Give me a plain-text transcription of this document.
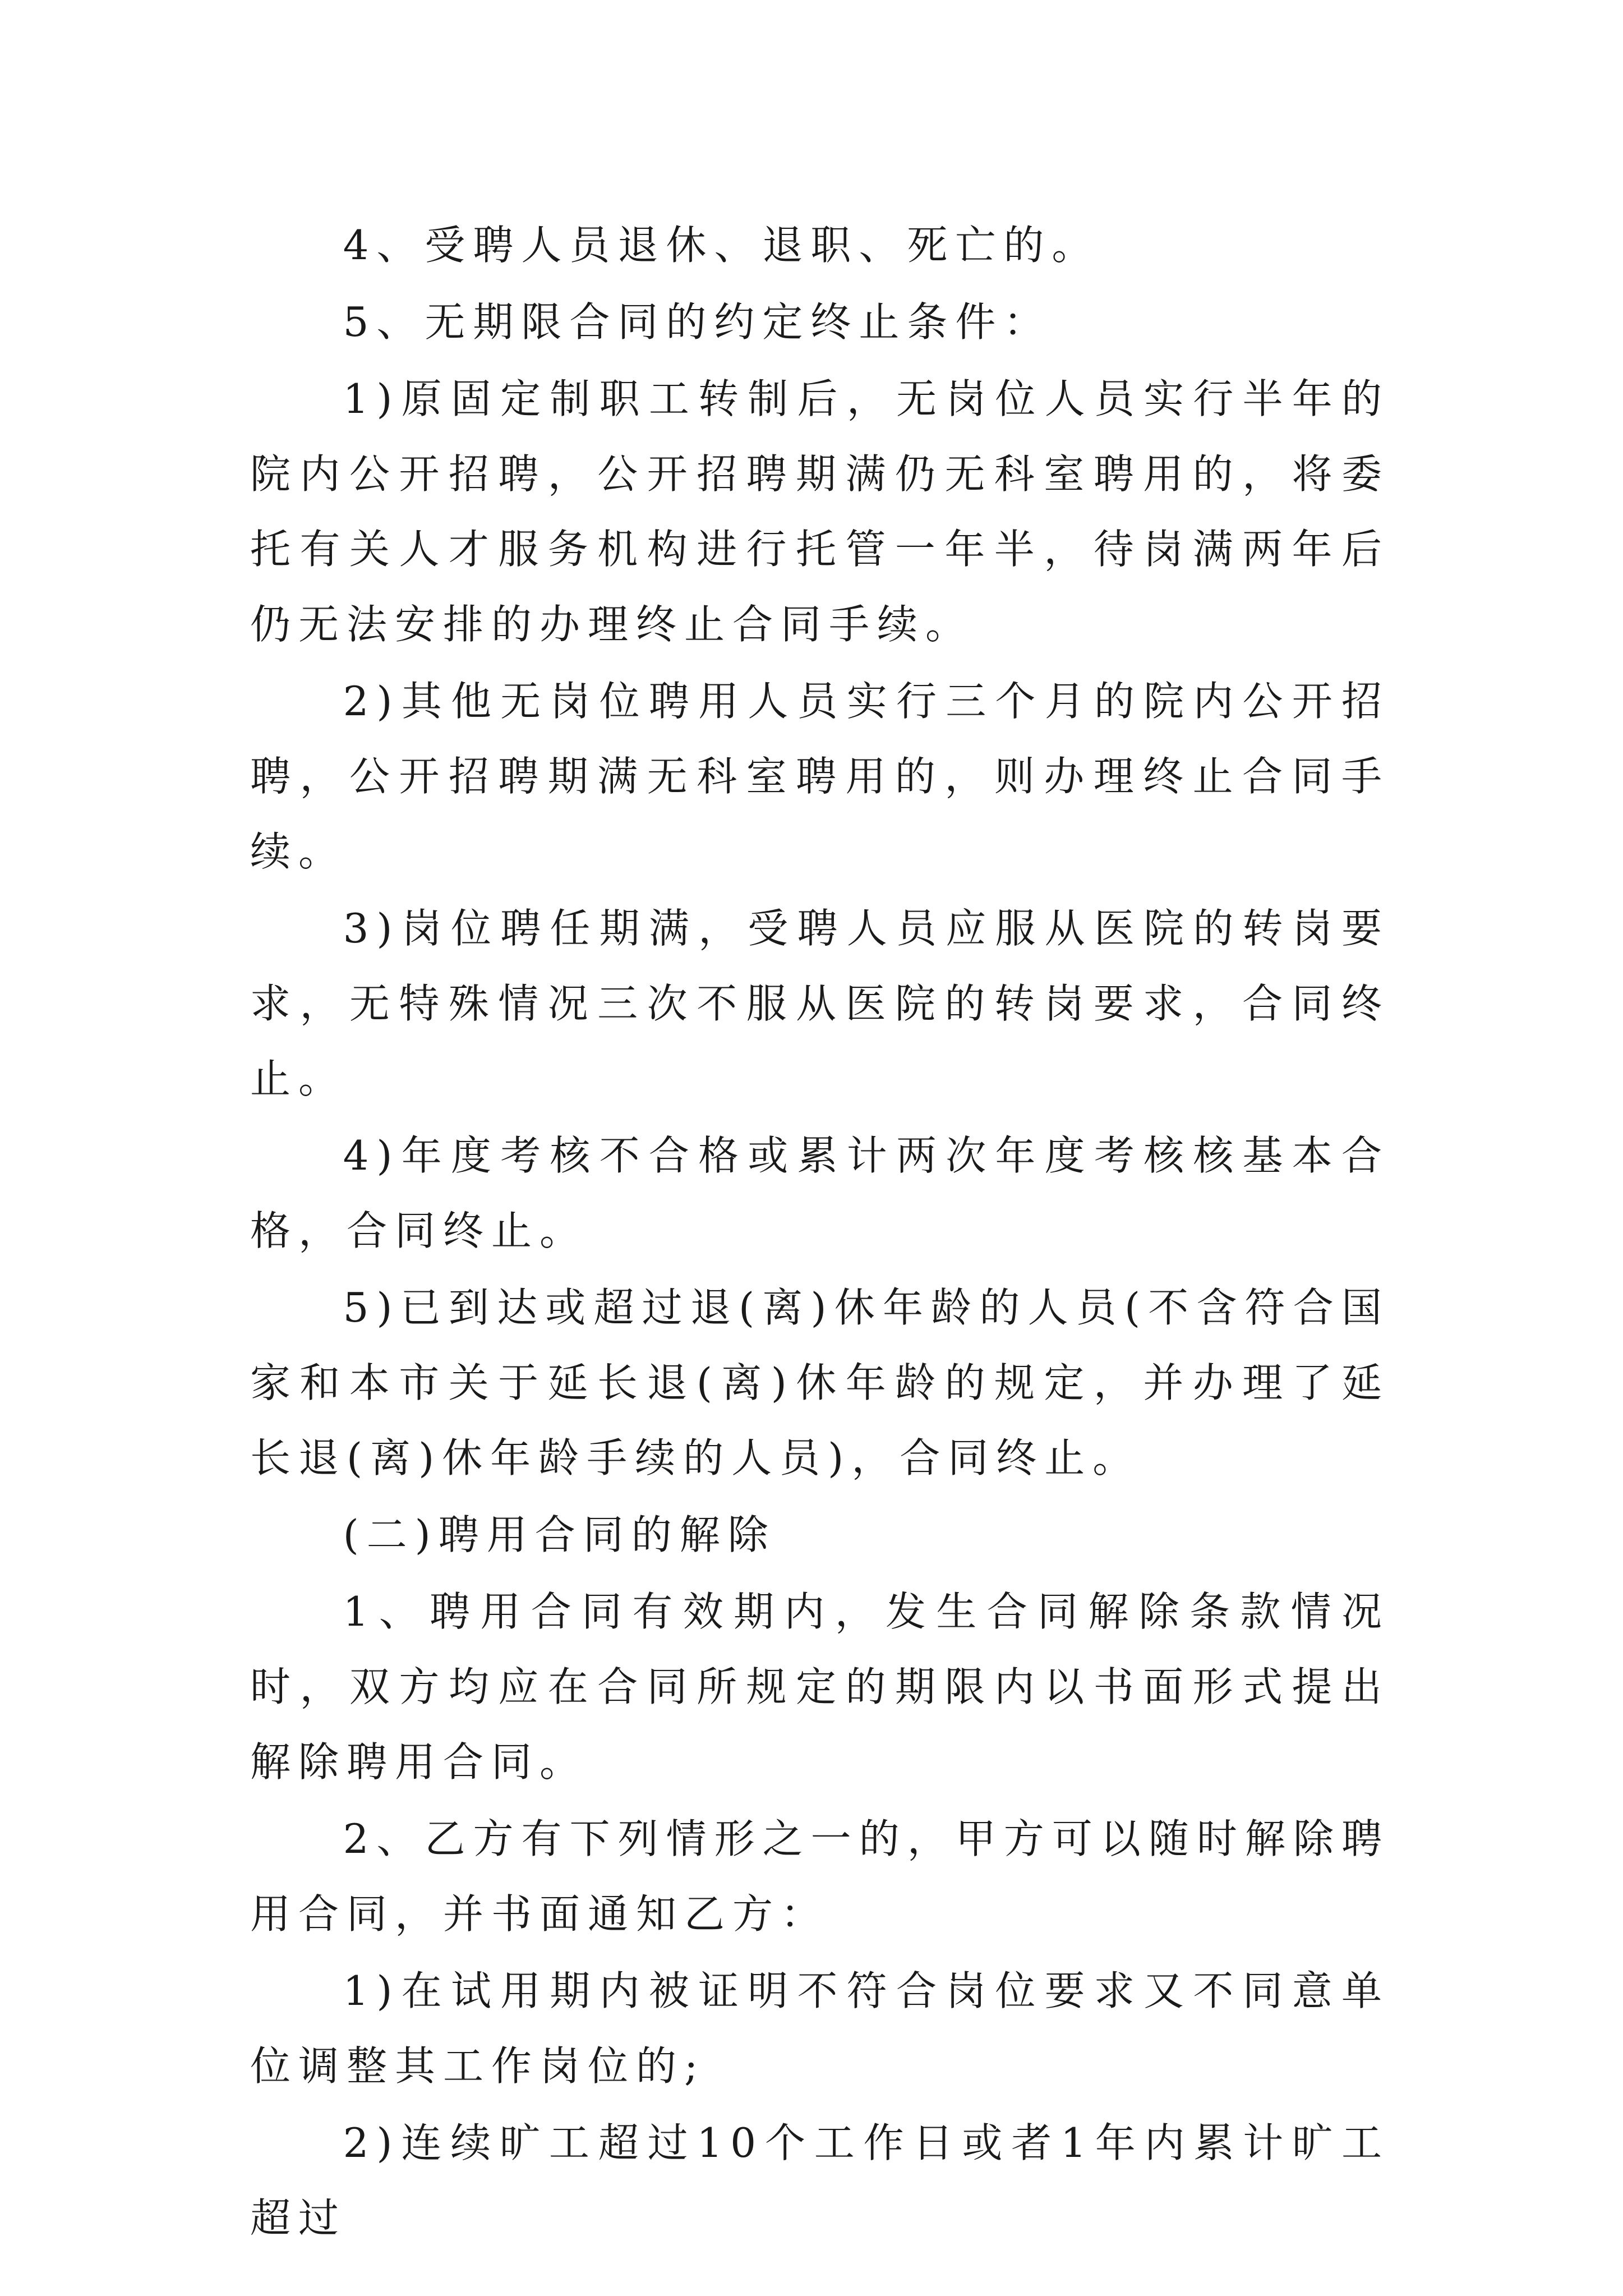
4、受聘人员退休、退职、死亡的。

5、无期限合同的约定终止条件：

1)原固定制职工转制后，无岗位人员实行半年的院内公开招聘，公开招聘期满仍无科室聘用的，将委托有关人才服务机构进行托管一年半，待岗满两年后仍无法安排的办理终止合同手续。

2)其他无岗位聘用人员实行三个月的院内公开招聘，公开招聘期满无科室聘用的，则办理终止合同手续。

3)岗位聘任期满，受聘人员应服从医院的转岗要求，无特殊情况三次不服从医院的转岗要求，合同终止。

4)年度考核不合格或累计两次年度考核核基本合格，合同终止。

5)已到达或超过退(离)休年龄的人员(不含符合国家和本市关于延长退(离)休年龄的规定，并办理了延长退(离)休年龄手续的人员)，合同终止。

(二)聘用合同的解除

1、聘用合同有效期内，发生合同解除条款情况时，双方均应在合同所规定的期限内以书面形式提出解除聘用合同。

2、乙方有下列情形之一的，甲方可以随时解除聘用合同，并书面通知乙方：

1)在试用期内被证明不符合岗位要求又不同意单位调整其工作岗位的;

2)连续旷工超过10个工作日或者1年内累计旷工超过
